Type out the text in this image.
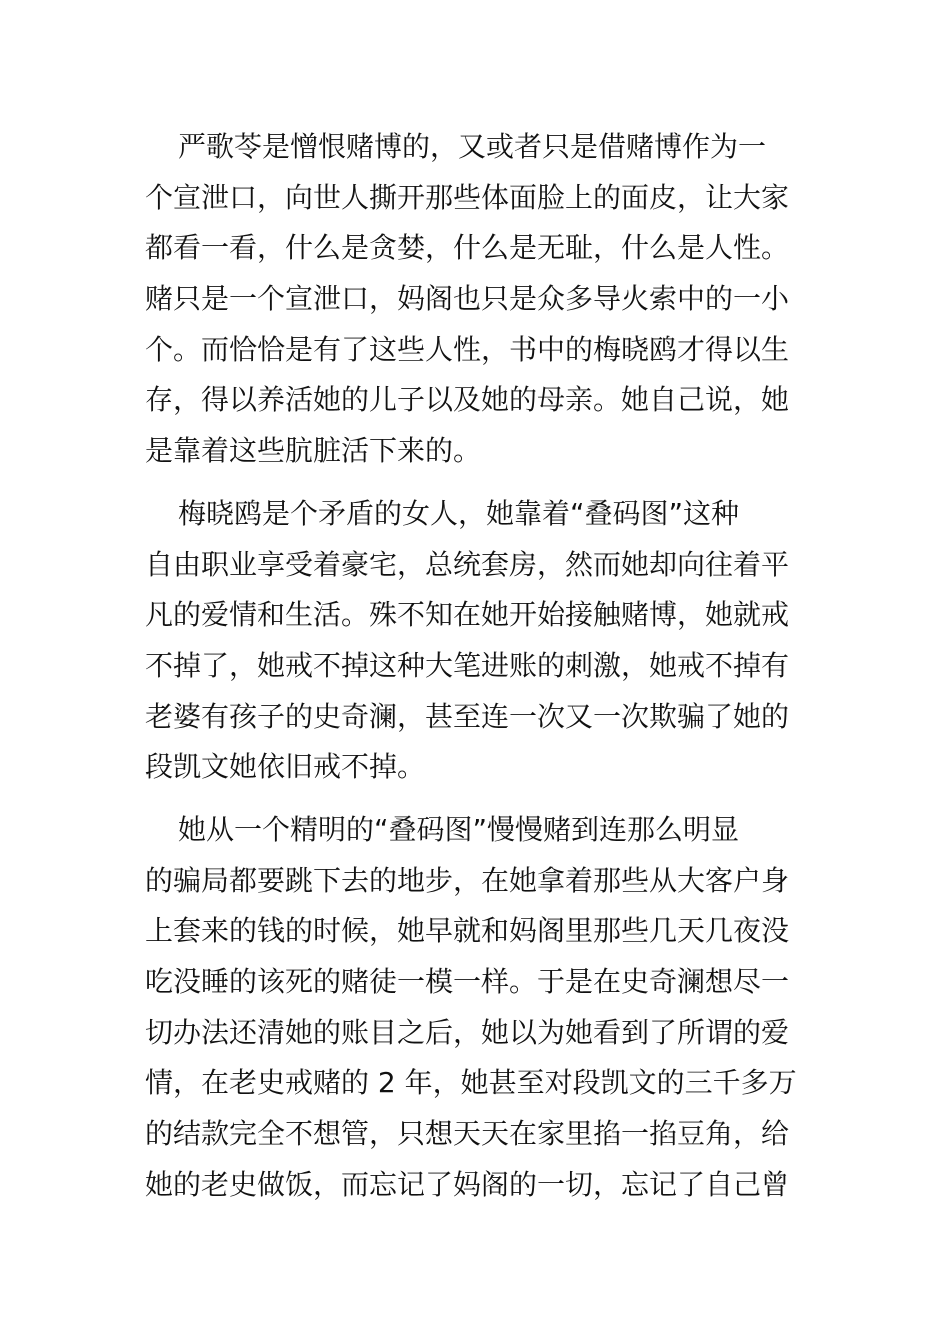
严歌苓是憎恨赌博的，又或者只是借赌博作为一
个宣泄口，向世人撕开那些体面脸上的面皮，让大家
都看一看，什么是贪婪，什么是无耻，什么是人性。
赌只是一个宣泄口，妈阁也只是众多导火索中的一小
个。而恰恰是有了这些人性，书中的梅晓鸥才得以生
存，得以养活她的儿子以及她的母亲。她自己说，她
是靠着这些肮脏活下来的。
梅晓鸥是个矛盾的女人，她靠着“叠码图”这种
自由职业享受着豪宅，总统套房，然而她却向往着平
凡的爱情和生活。殊不知在她开始接触赌博，她就戒
不掉了，她戒不掉这种大笔进账的刺激，她戒不掉有
老婆有孩子的史奇澜，甚至连一次又一次欺骗了她的
段凯文她依旧戒不掉。
她从一个精明的“叠码图”慢慢赌到连那么明显
的骗局都要跳下去的地步，在她拿着那些从大客户身
上套来的钱的时候，她早就和妈阁里那些几天几夜没
吃没睡的该死的赌徒一模一样。于是在史奇澜想尽一
切办法还清她的账目之后，她以为她看到了所谓的爱
情，在老史戒赌的 2 年，她甚至对段凯文的三千多万
的结款完全不想管，只想天天在家里掐一掐豆角，给
她的老史做饭，而忘记了妈阁的一切，忘记了自己曾
